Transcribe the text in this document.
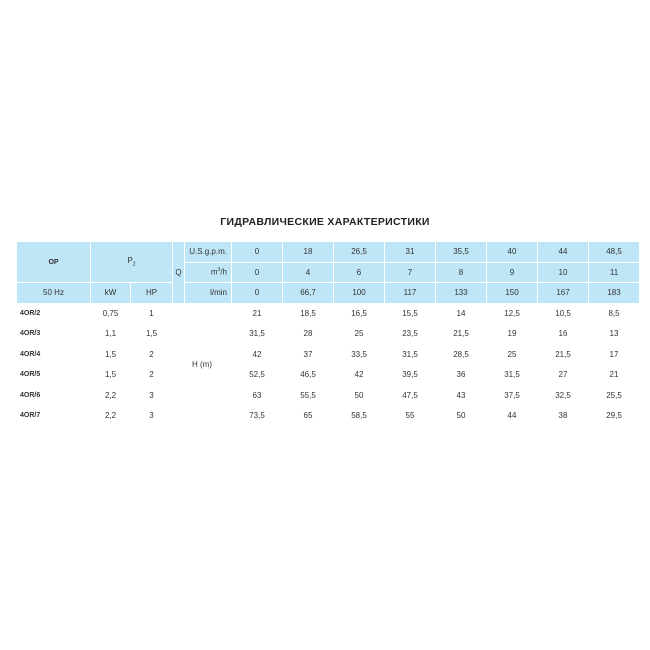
ГИДРАВЛИЧЕСКИЕ ХАРАКТЕРИСТИКИ
OP	$P_2$		Q	U.S.g.p.m.	0	18	26,5	31	35,5	40	44	48,5
				$m^3/h$	0	4	6	7	8	9	10	11
50 Hz	kW	HP		l/min	0	66,7	100	117	133	150	167	183
4OR/2	0,75	1	H (m)		21	18,5	16,5	15,5	14	12,5	10,5	8,5
4OR/3	1,1	1,5			31,5	28	25	23,5	21,5	19	16	13
4OR/4	1,5	2			42	37	33,5	31,5	28,5	25	21,5	17
4OR/5	1,5	2			52,5	46,5	42	39,5	36	31,5	27	21
4OR/6	2,2	3			63	55,5	50	47,5	43	37,5	32,5	25,5
4OR/7	2,2	3			73,5	65	58,5	55	50	44	38	29,5
